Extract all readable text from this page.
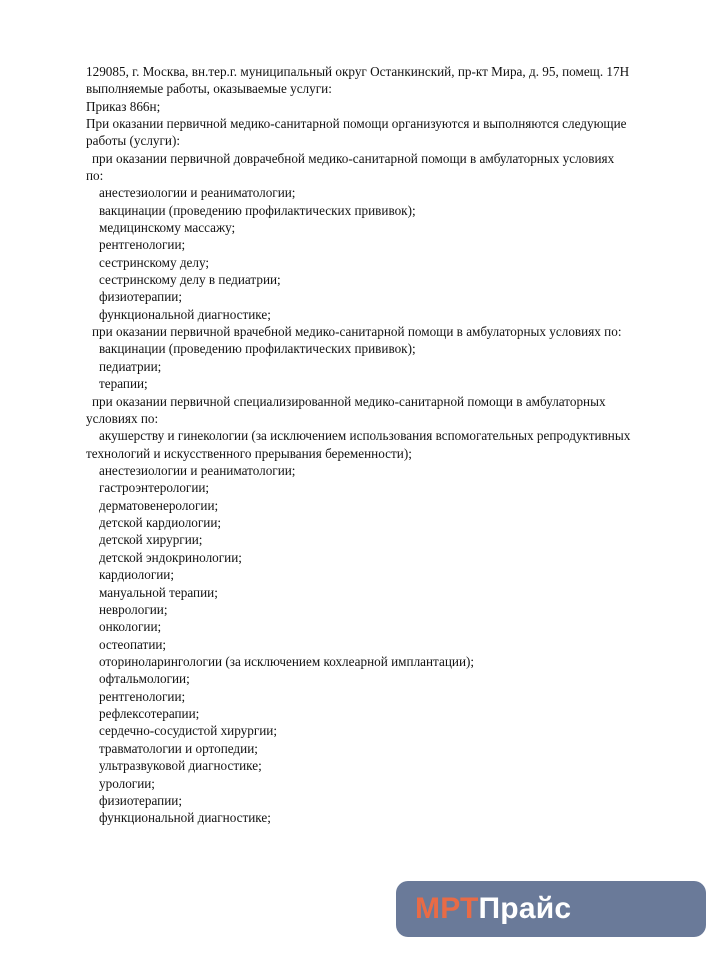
129085, г. Москва, вн.тер.г. муниципальный округ Останкинский, пр-кт Мира, д. 95, помещ. 17Н
выполняемые работы, оказываемые услуги:
Приказ 866н;
При оказании первичной медико-санитарной помощи организуются и выполняются следующие
работы (услуги):
при оказании первичной доврачебной медико-санитарной помощи в амбулаторных условиях
по:
анестезиологии и реаниматологии;
вакцинации (проведению профилактических прививок);
медицинскому массажу;
рентгенологии;
сестринскому делу;
сестринскому делу в педиатрии;
физиотерапии;
функциональной диагностике;
при оказании первичной врачебной медико-санитарной помощи в амбулаторных условиях по:
вакцинации (проведению профилактических прививок);
педиатрии;
терапии;
при оказании первичной специализированной медико-санитарной помощи в амбулаторных
условиях по:
акушерству и гинекологии (за исключением использования вспомогательных репродуктивных
технологий и искусственного прерывания беременности);
анестезиологии и реаниматологии;
гастроэнтерологии;
дерматовенерологии;
детской кардиологии;
детской хирургии;
детской эндокринологии;
кардиологии;
мануальной терапии;
неврологии;
онкологии;
остеопатии;
оториноларингологии (за исключением кохлеарной имплантации);
офтальмологии;
рентгенологии;
рефлексотерапии;
сердечно-сосудистой хирургии;
травматологии и ортопедии;
ультразвуковой диагностике;
урологии;
физиотерапии;
функциональной диагностике;
МРТ Прайс
